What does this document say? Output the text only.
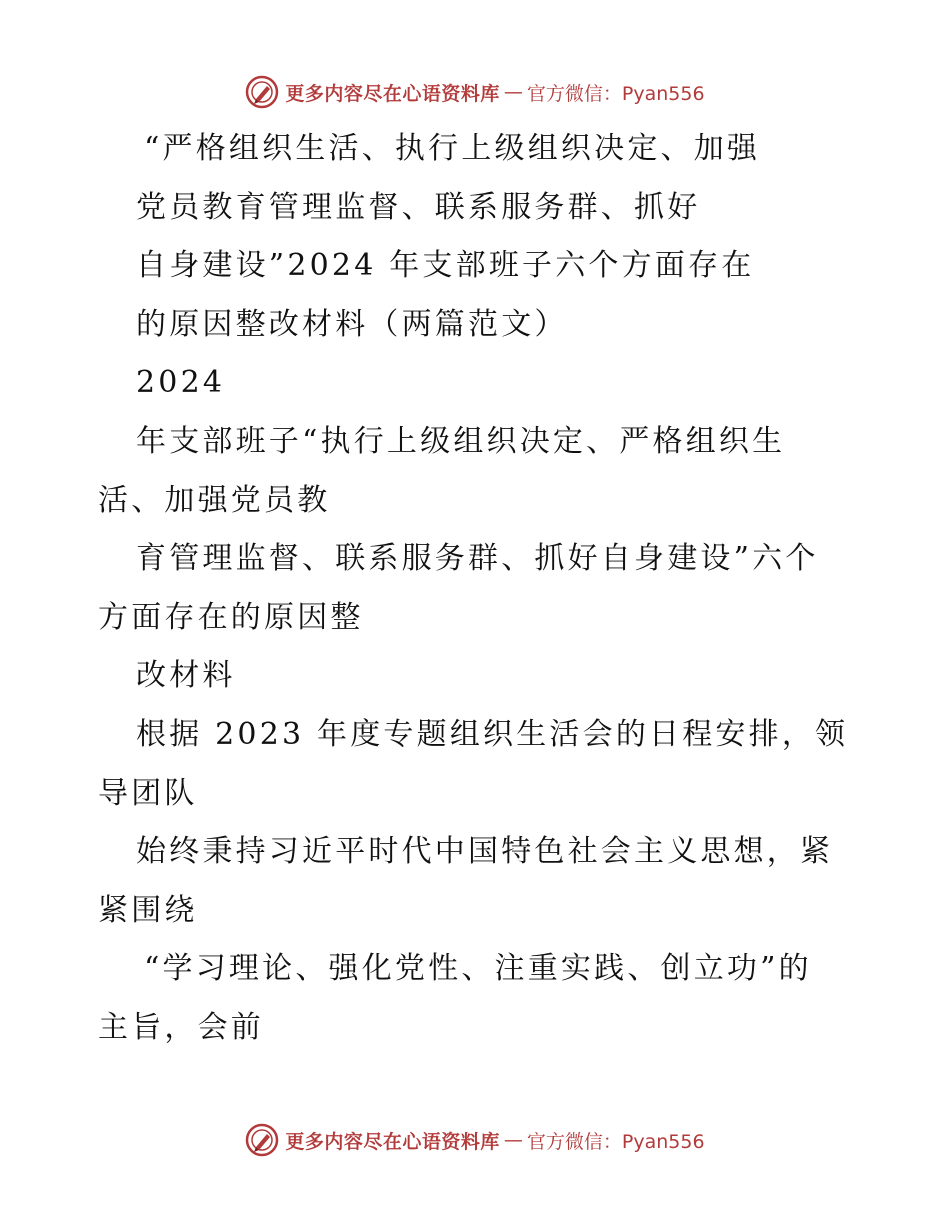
更多内容尽在心语资料库 — 官方微信：Pyan556
“严格组织生活、执行上级组织决定、加强
党员教育管理监督、联系服务群、抓好
自身建设”2024 年支部班子六个方面存在
的原因整改材料（两篇范文）
2024
年支部班子“执行上级组织决定、严格组织生
活、加强党员教
育管理监督、联系服务群、抓好自身建设”六个
方面存在的原因整
改材料
根据 2023 年度专题组织生活会的日程安排，领
导团队
始终秉持习近平时代中国特色社会主义思想，紧
紧围绕
“学习理论、强化党性、注重实践、创立功”的
主旨，会前
更多内容尽在心语资料库 — 官方微信：Pyan556
